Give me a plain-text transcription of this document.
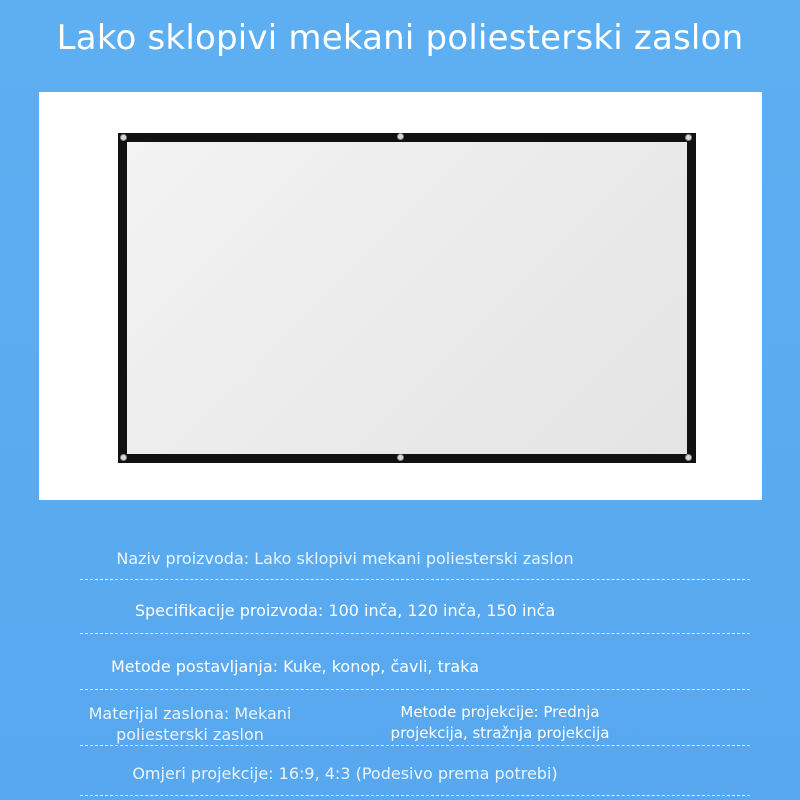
Lako sklopivi mekani poliesterski zaslon
Naziv proizvoda: Lako sklopivi mekani poliesterski zaslon
Specifikacije proizvoda: 100 inča, 120 inča, 150 inča
Metode postavljanja: Kuke, konop, čavli, traka
Materijal zaslona: Mekani
poliesterski zaslon
Metode projekcije: Prednja
projekcija, stražnja projekcija
Omjeri projekcije: 16:9, 4:3 (Podesivo prema potrebi)
